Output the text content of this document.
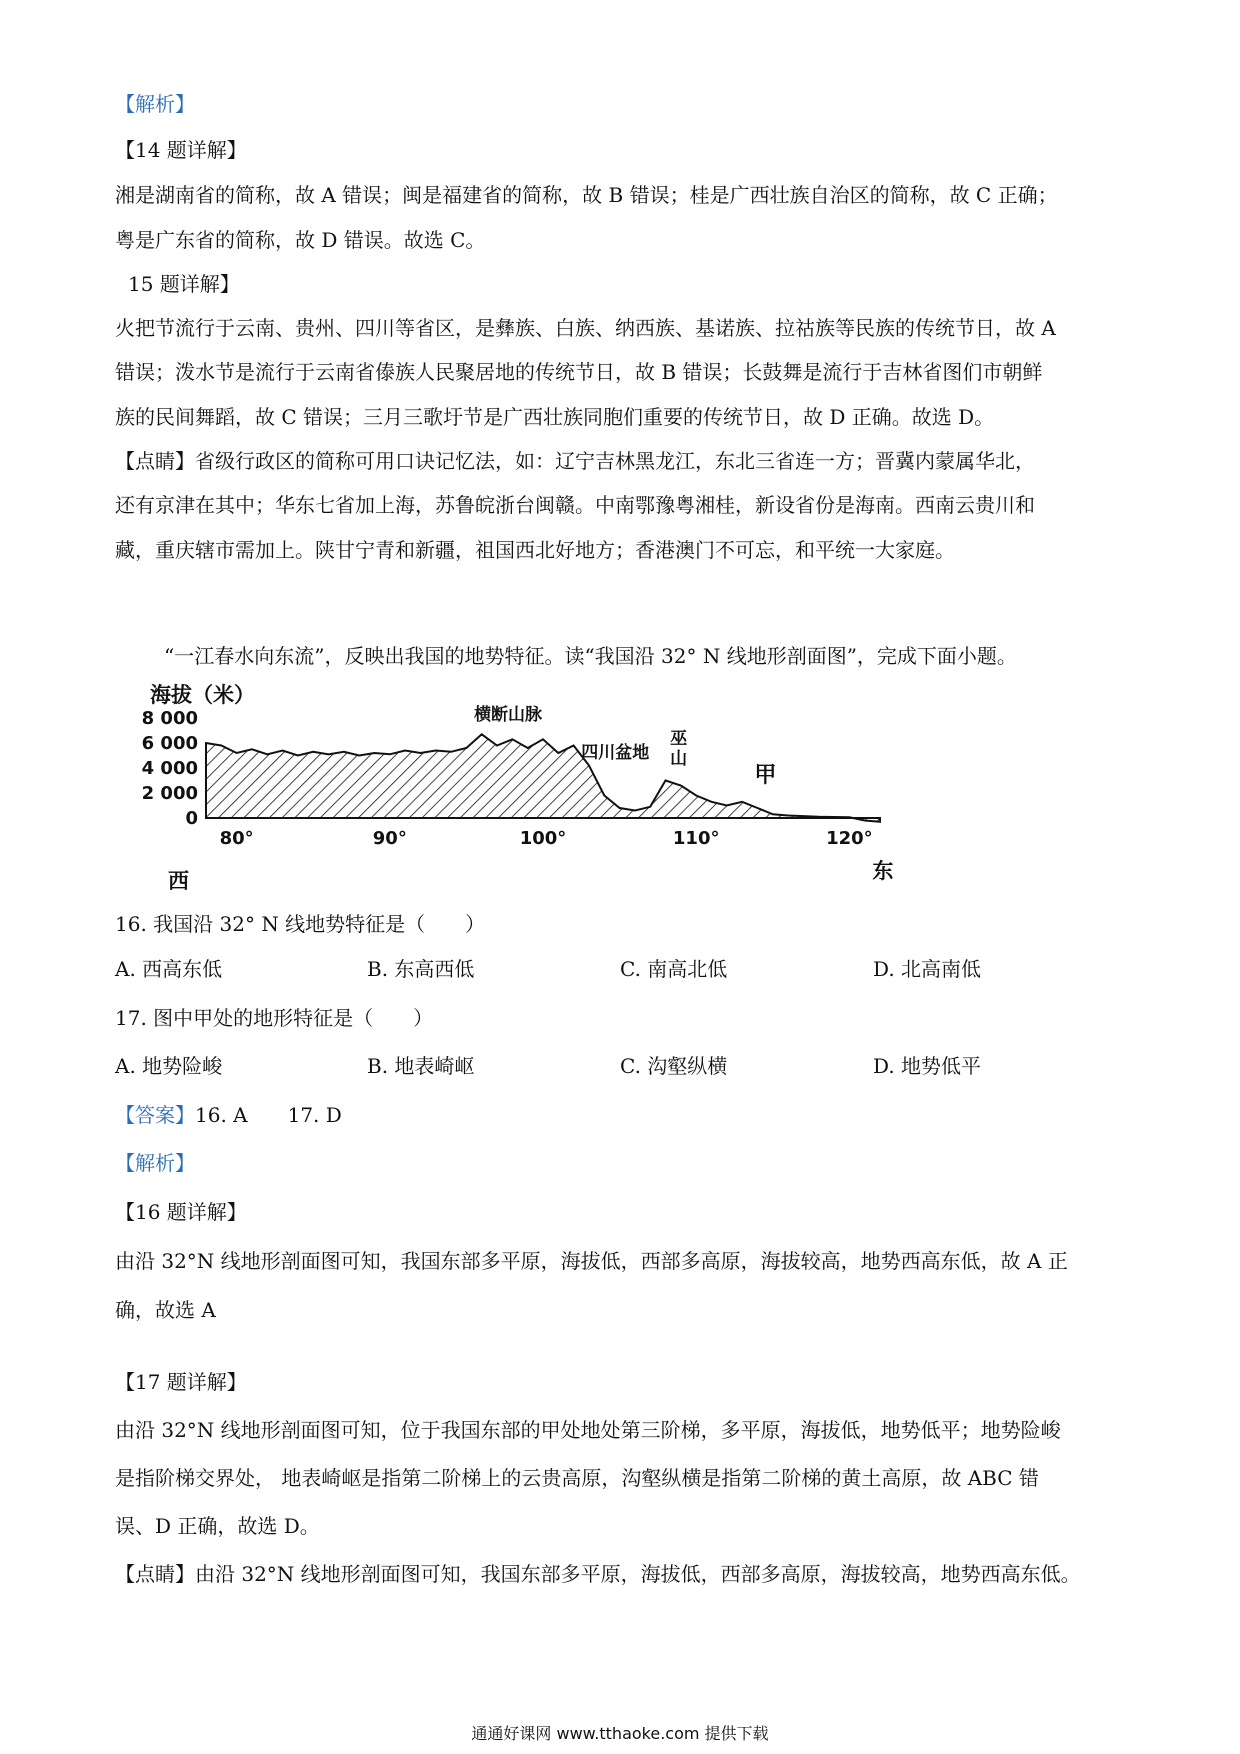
【解析】
【14 题详解】
湘是湖南省的简称，故 A 错误；闽是福建省的简称，故 B 错误；桂是广西壮族自治区的简称，故 C 正确；
粤是广东省的简称，故 D 错误。故选 C。
15 题详解】
火把节流行于云南、贵州、四川等省区，是彝族、白族、纳西族、基诺族、拉祜族等民族的传统节日，故 A
错误；泼水节是流行于云南省傣族人民聚居地的传统节日，故 B 错误；长鼓舞是流行于吉林省图们市朝鲜
族的民间舞蹈，故 C 错误；三月三歌圩节是广西壮族同胞们重要的传统节日，故 D 正确。故选 D。
【点睛】省级行政区的简称可用口诀记忆法，如：辽宁吉林黑龙江，东北三省连一方；晋冀内蒙属华北，
还有京津在其中；华东七省加上海，苏鲁皖浙台闽赣。中南鄂豫粤湘桂，新设省份是海南。西南云贵川和
藏，重庆辖市需加上。陕甘宁青和新疆，祖国西北好地方；香港澳门不可忘，和平统一大家庭。
“一江春水向东流”，反映出我国的地势特征。读“我国沿 32° N 线地形剖面图”，完成下面小题。
海拔（米）
8 000
6 000
4 000
2 000
0
80°	90°	100°	110°	120°
横断山脉
四川盆地
巫
山
甲
西	东
16. 我国沿 32° N 线地势特征是（　　）
A. 西高东低	B. 东高西低	C. 南高北低	D. 北高南低
17. 图中甲处的地形特征是（　　）
A. 地势险峻	B. 地表崎岖	C. 沟壑纵横	D. 地势低平
【答案】16. A　　17. D
【解析】
【16 题详解】
由沿 32°N 线地形剖面图可知，我国东部多平原，海拔低，西部多高原，海拔较高，地势西高东低，故 A 正
确，故选 A
【17 题详解】
由沿 32°N 线地形剖面图可知，位于我国东部的甲处地处第三阶梯，多平原，海拔低，地势低平；地势险峻
是指阶梯交界处， 地表崎岖是指第二阶梯上的云贵高原，沟壑纵横是指第二阶梯的黄土高原，故 ABC 错
误、D 正确，故选 D。
【点睛】由沿 32°N 线地形剖面图可知，我国东部多平原，海拔低，西部多高原，海拔较高，地势西高东低。
通通好课网 www.tthaoke.com 提供下载
